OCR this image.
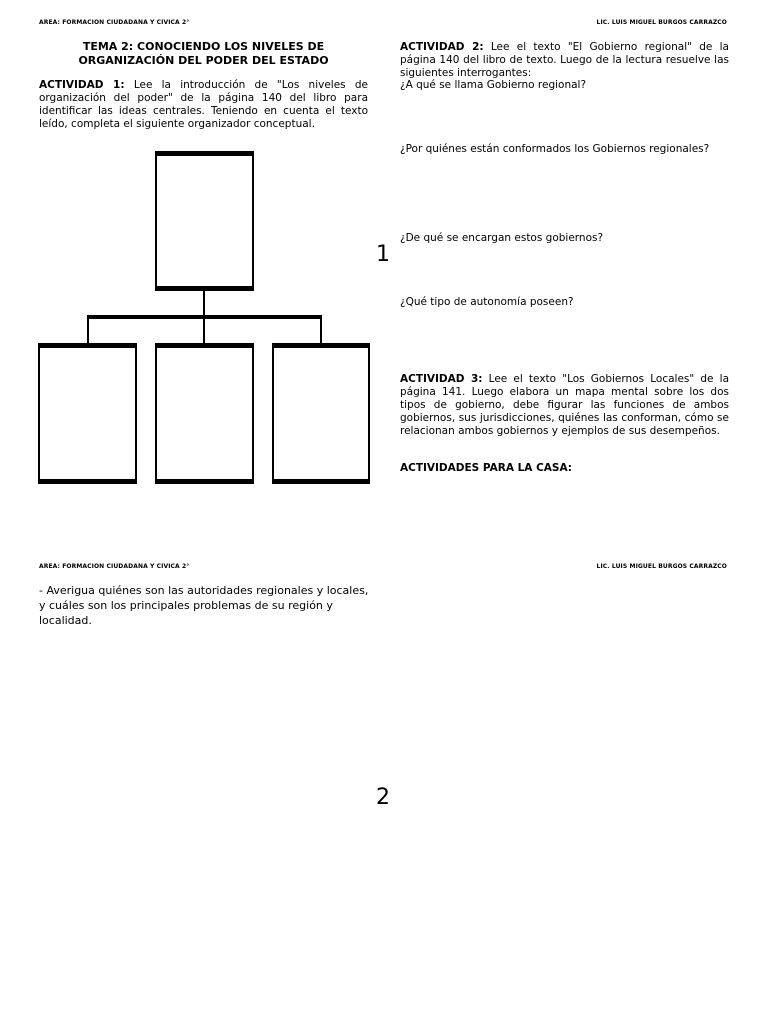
AREA: FORMACION CIUDADANA Y CIVICA 2°	LIC. LUIS MIGUEL BURGOS CARRAZCO
TEMA 2: CONOCIENDO LOS NIVELES DE
ORGANIZACIÓN DEL PODER DEL ESTADO
ACTIVIDAD 1: Lee la introducción de "Los niveles de organización del poder" de la página 140 del libro para identificar las ideas centrales. Teniendo en cuenta el texto leído, completa el siguiente organizador conceptual.
ACTIVIDAD 2: Lee el texto "El Gobierno regional" de la página 140 del libro de texto. Luego de la lectura resuelve las siguientes interrogantes:
¿A qué se llama Gobierno regional?
¿Por quiénes están conformados los Gobiernos regionales?
¿De qué se encargan estos gobiernos?
¿Qué tipo de autonomía poseen?
ACTIVIDAD 3: Lee el texto "Los Gobiernos Locales" de la página 141. Luego elabora un mapa mental sobre los dos tipos de gobierno, debe figurar las funciones de ambos gobiernos, sus jurisdicciones, quiénes las conforman, cómo se relacionan ambos gobiernos y ejemplos de sus desempeños.
ACTIVIDADES PARA LA CASA:
1
AREA: FORMACION CIUDADANA Y CIVICA 2°	LIC. LUIS MIGUEL BURGOS CARRAZCO
- Averigua quiénes son las autoridades regionales y locales, y cuáles son los principales problemas de su región y localidad.
2
